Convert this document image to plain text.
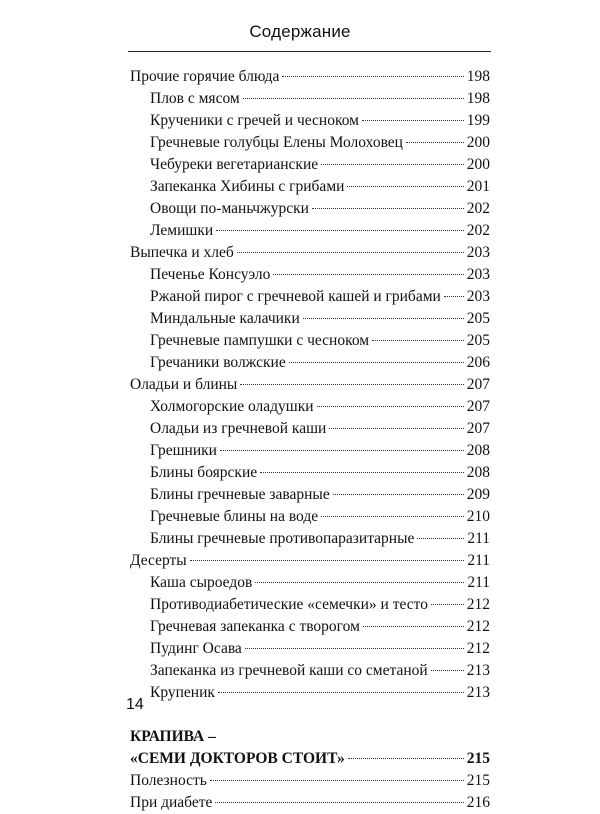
Содержание
Прочие горячие блюда	198
Плов с мясом	198
Крученики с гречей и чесноком	199
Гречневые голубцы Елены Молоховец	200
Чебуреки вегетарианские	200
Запеканка Хибины с грибами	201
Овощи по-маньчжурски	202
Лемишки	202
Выпечка и хлеб	203
Печенье Консуэло	203
Ржаной пирог с гречневой кашей и грибами 203
Миндальные калачики	205
Гречневые пампушки с чесноком	205
Гречаники волжские	206
Оладьи и блины	207
Холмогорские оладушки	207
Оладьи из гречневой каши	207
Грешники	208
Блины боярские	208
Блины гречневые заварные	209
Гречневые блины на воде	210
Блины гречневые противопаразитарные	211
Десерты	211
Каша сыроедов	211
Противодиабетические «семечки» и тесто	212
Гречневая запеканка с творогом	212
Пудинг Осава	212
Запеканка из гречневой каши со сметаной	213
Крупеник	213
КРАПИВА –
«СЕМИ ДОКТОРОВ СТОИТ»	215
Полезность	215
При диабете	216
14
